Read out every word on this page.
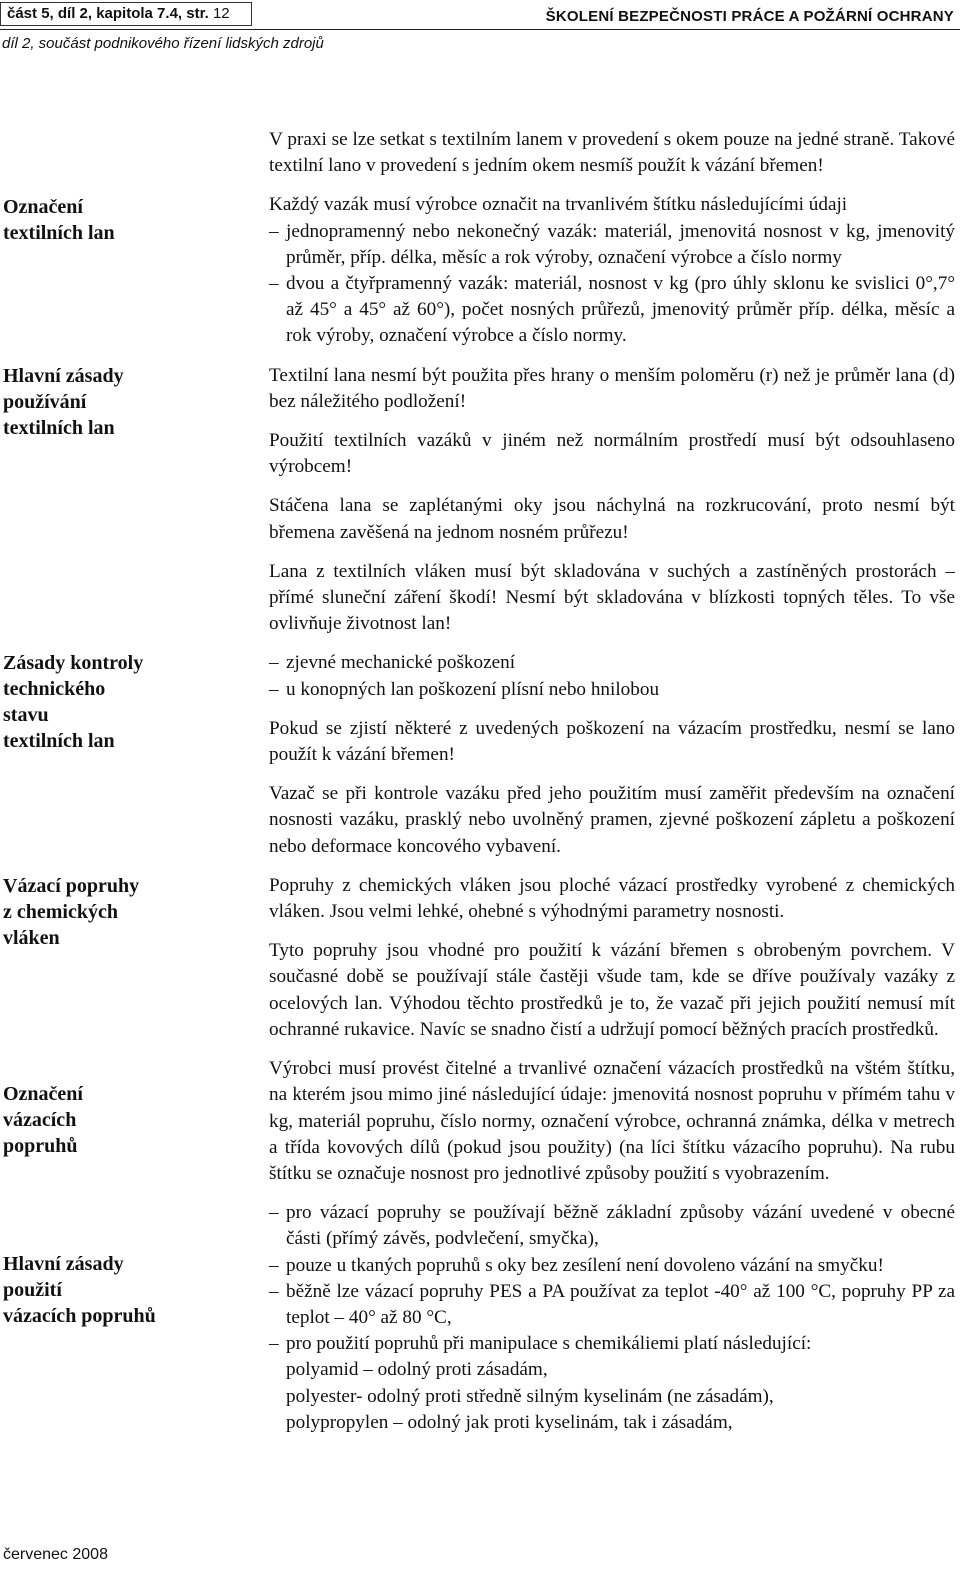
část 5, díl 2, kapitola 7.4, str. 12	ŠKOLENÍ BEZPEČNOSTI PRÁCE A POŽÁRNÍ OCHRANY
díl 2, součást podnikového řízení lidských zdrojů
Označení
textilních lan
Hlavní zásady
používání
textilních lan
Zásady kontroly
technického
stavu
textilních lan
Vázací popruhy
z chemických
vláken
Označení
vázacích
popruhů
Hlavní zásady
použití
vázacích popruhů

V praxi se lze setkat s textilním lanem v provedení s okem pouze na jedné straně. Takové textilní lano v provedení s jedním okem nesmíš použít k vázání břemen!

Každý vazák musí výrobce označit na trvanlivém štítku následujícími údaji

– jednopramenný nebo nekonečný vazák: materiál, jmenovitá nosnost v kg, jmenovitý průměr, příp. délka, měsíc a rok výroby, označení výrobce a číslo normy
– dvou a čtyřpramenný vazák: materiál, nosnost v kg (pro úhly sklonu ke svislici 0°,7° až 45° a 45° až 60°), počet nosných průřezů, jmenovitý průměr příp. délka, měsíc a rok výroby, označení výrobce a číslo normy.

Textilní lana nesmí být použita přes hrany o menším poloměru (r) než je průměr lana (d) bez náležitého podložení!

Použití textilních vazáků v jiném než normálním prostředí musí být odsouhlaseno výrobcem!

Stáčena lana se zaplétanými oky jsou náchylná na rozkrucování, proto nesmí být břemena zavěšená na jednom nosném průřezu!

Lana z textilních vláken musí být skladována v suchých a zastíněných prostorách – přímé sluneční záření škodí! Nesmí být skladována v blízkosti topných těles. To vše ovlivňuje životnost lan!

– zjevné mechanické poškození
– u konopných lan poškození plísní nebo hnilobou

Pokud se zjistí některé z uvedených poškození na vázacím prostředku, nesmí se lano použít k vázání břemen!

Vazač se při kontrole vazáku před jeho použitím musí zaměřit především na označení nosnosti vazáku, prasklý nebo uvolněný pramen, zjevné poškození zápletu a poškození nebo deformace koncového vybavení.

Popruhy z chemických vláken jsou ploché vázací prostředky vyrobené z chemických vláken. Jsou velmi lehké, ohebné s výhodnými parametry nosnosti.

Tyto popruhy jsou vhodné pro použití k vázání břemen s obrobeným povrchem. V současné době se používají stále častěji všude tam, kde se dříve používaly vazáky z ocelových lan. Výhodou těchto prostředků je to, že vazač při jejich použití nemusí mít ochranné rukavice. Navíc se snadno čistí a udržují pomocí běžných pracích prostředků.

Výrobci musí provést čitelné a trvanlivé označení vázacích prostředků na vštém štítku, na kterém jsou mimo jiné následující údaje: jmenovitá nosnost popruhu v přímém tahu v kg, materiál popruhu, číslo normy, označení výrobce, ochranná známka, délka v metrech a třída kovových dílů (pokud jsou použity) (na líci štítku vázacího popruhu). Na rubu štítku se označuje nosnost pro jednotlivé způsoby použití s vyobrazením.

– pro vázací popruhy se používají běžně základní způsoby vázání uvedené v obecné části (přímý závěs, podvlečení, smyčka),
– pouze u tkaných popruhů s oky bez zesílení není dovoleno vázání na smyčku!
– běžně lze vázací popruhy PES a PA používat za teplot -40° až 100 °C, popruhy PP za teplot – 40° až 80 °C,
– pro použití popruhů při manipulace s chemikáliemi platí následující:
polyamid – odolný proti zásadám,
polyester- odolný proti středně silným kyselinám (ne zásadám),
polypropylen – odolný jak proti kyselinám, tak i zásadám,
červenec 2008
